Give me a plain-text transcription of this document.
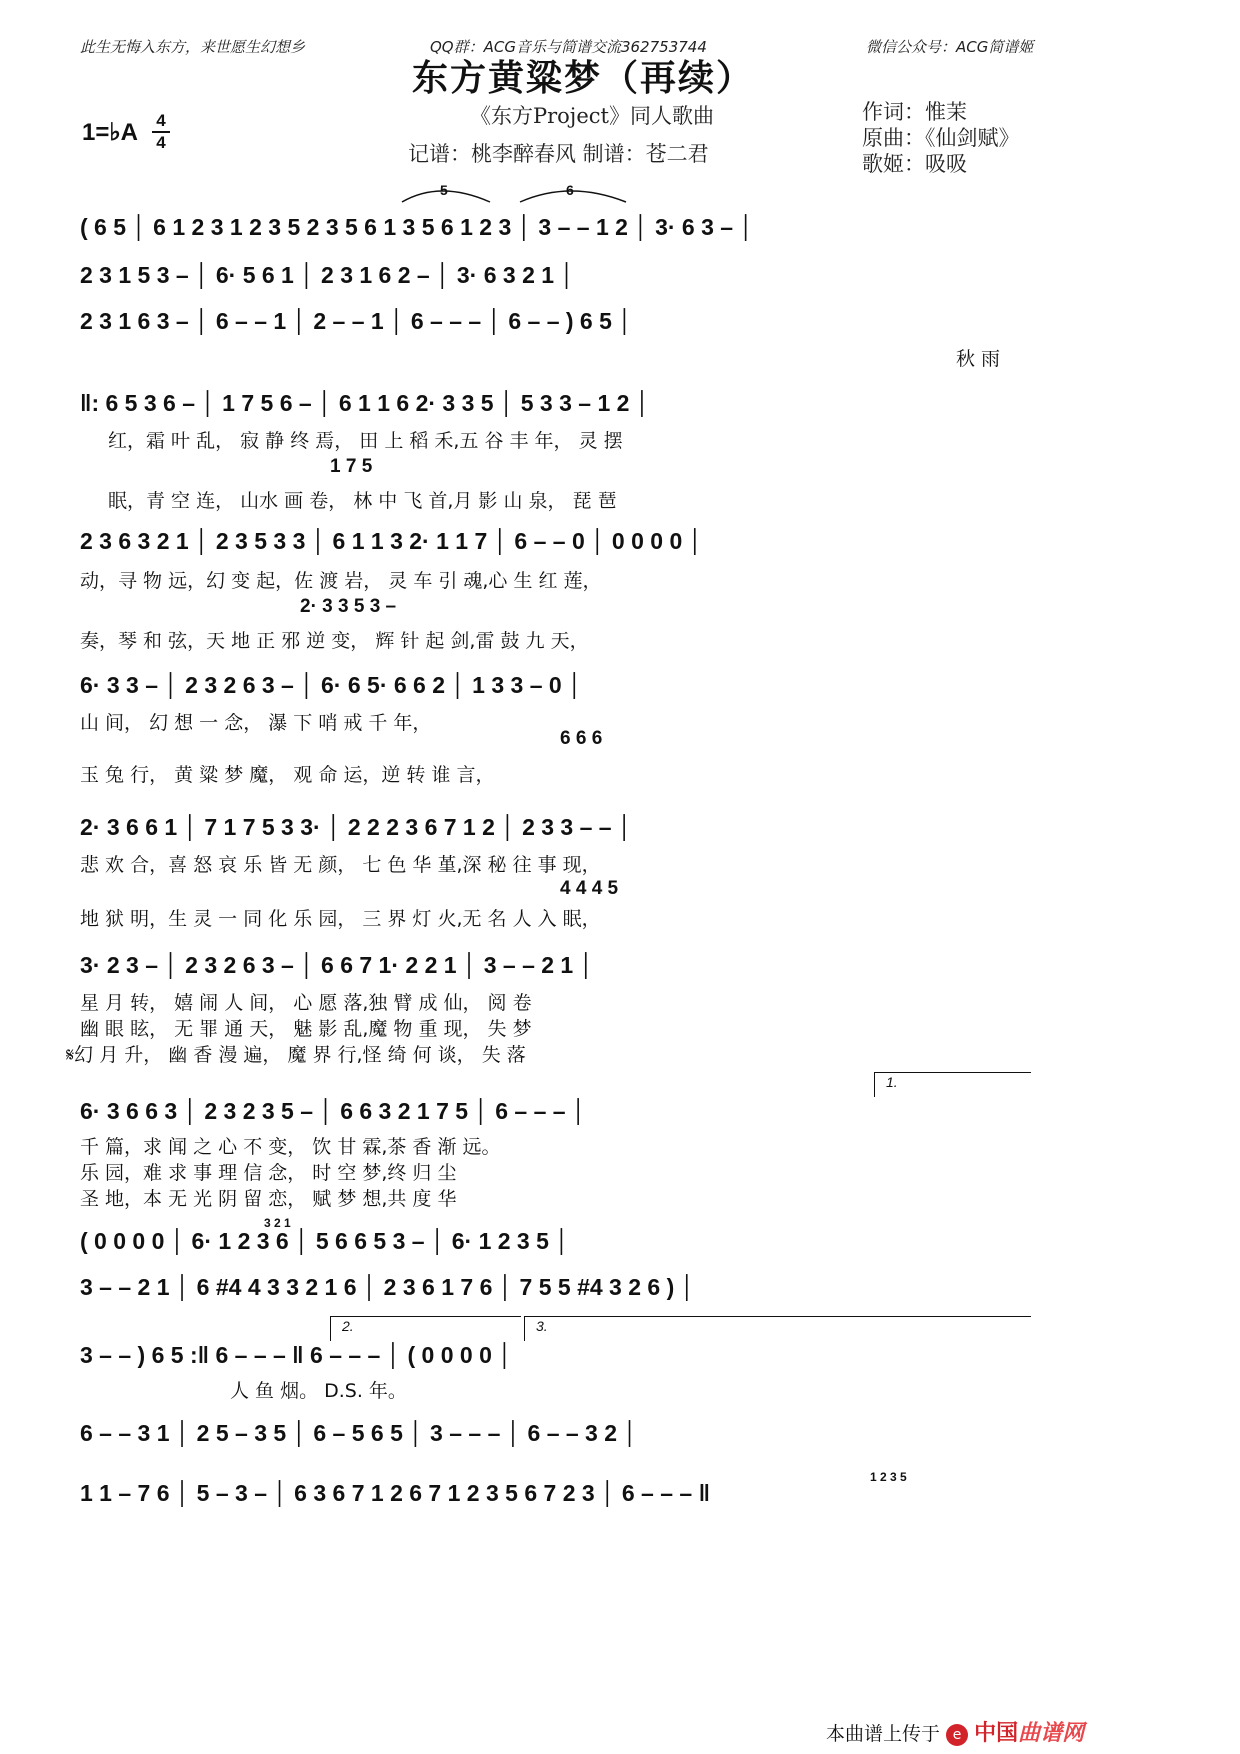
此生无悔入东方，来世愿生幻想乡	QQ群：ACG音乐与简谱交流362753744	微信公众号：ACG简谱姬
东方黄粱梦（再续）
《东方Project》同人歌曲
记谱：桃李醉春风 制谱：苍二君
作词：惟茉
原曲：《仙剑赋》
歌姬：吸吸
1=♭A 4
4
5	6
( 6 5 │ 6 1 2 3 1 2 3 5 2 3 5 6 1 3 5 6 1 2 3 │ 3 – – 1 2 │ 3· 6 3 – │
2 3 1 5 3 – │ 6· 5 6 1 │ 2 3 1 6 2 – │ 3· 6 3 2 1 │
2 3 1 6 3 – │ 6 – – 1 │ 2 – – 1 │ 6 – – – │ 6 – – ) 6 5 │
秋 雨
‖: 6 5 3 6 – │ 1 7 5 6 – │ 6 1 1 6 2· 3 3 5 │ 5 3 3 – 1 2 │
红，霜 叶 乱， 寂 静 终 焉， 田 上 稻 禾,五 谷 丰 年， 灵 摆
1 7 5
眠，青 空 连， 山水 画 卷， 林 中 飞 首,月 影 山 泉， 琵 琶
2 3 6 3 2 1 │ 2 3 5 3 3 │ 6 1 1 3 2· 1 1 7 │ 6 – – 0 │ 0 0 0 0 │
动，寻 物 远，幻 变 起，佐 渡 岩， 灵 车 引 魂,心 生 红 莲，
2· 3 3 5 3 –
奏，琴 和 弦，天 地 正 邪 逆 变， 辉 针 起 剑,雷 鼓 九 天，
6· 3 3 – │ 2 3 2 6 3 – │ 6· 6 5· 6 6 2 │ 1 3 3 – 0 │
山 间， 幻 想 一 念， 瀑 下 哨 戒 千 年，
6 6 6
玉 兔 行， 黄 粱 梦 魔， 观 命 运，逆 转 谁 言，
2· 3 6 6 1 │ 7 1 7 5 3 3· │ 2 2 2 3 6 7 1 2 │ 2 3 3 – – │
悲 欢 合，喜 怒 哀 乐 皆 无 颜， 七 色 华 堇,深 秘 往 事 现，
4 4 4 5
地 狱 明，生 灵 一 同 化 乐 园， 三 界 灯 火,无 名 人 入 眠，
3· 2 3 – │ 2 3 2 6 3 – │ 6 6 7 1· 2 2 1 │ 3 – – 2 1 │
星 月 转， 嬉 闹 人 间， 心 愿 落,独 臂 成 仙， 阅 卷
幽 眼 眩， 无 罪 通 天， 魅 影 乱,魔 物 重 现， 失 梦
𝄋幻 月 升， 幽 香 漫 遍， 魔 界 行,怪 绮 何 谈， 失 落
1.
6· 3 6 6 3 │ 2 3 2 3 5 – │ 6 6 3 2 1 7 5 │ 6 – – – │
千 篇，求 闻 之 心 不 变， 饮 甘 霖,茶 香 渐 远。
乐 园，难 求 事 理 信 念， 时 空 梦,终 归 尘
圣 地，本 无 光 阴 留 恋， 赋 梦 想,共 度 华
3 2 1
( 0 0 0 0 │ 6· 1 2 3 6 │ 5 6 6 5 3 – │ 6· 1 2 3 5 │
3 – – 2 1 │ 6 #4 4 3 3 2 1 6 │ 2 3 6 1 7 6 │ 7 5 5 #4 3 2 6 ) │
2.	3.
3 – – ) 6 5 :‖ 6 – – – ‖ 6 – – – │ ( 0 0 0 0 │
人 鱼 烟。 D.S. 年。
6 – – 3 1 │ 2 5 – 3 5 │ 6 – 5 6 5 │ 3 – – – │ 6 – – 3 2 │
1 2 3 5
1 1 – 7 6 │ 5 – 3 – │ 6 3 6 7 1 2 6 7 1 2 3 5 6 7 2 3 │ 6 – – – ‖
本曲谱上传于 e 中国曲谱网
